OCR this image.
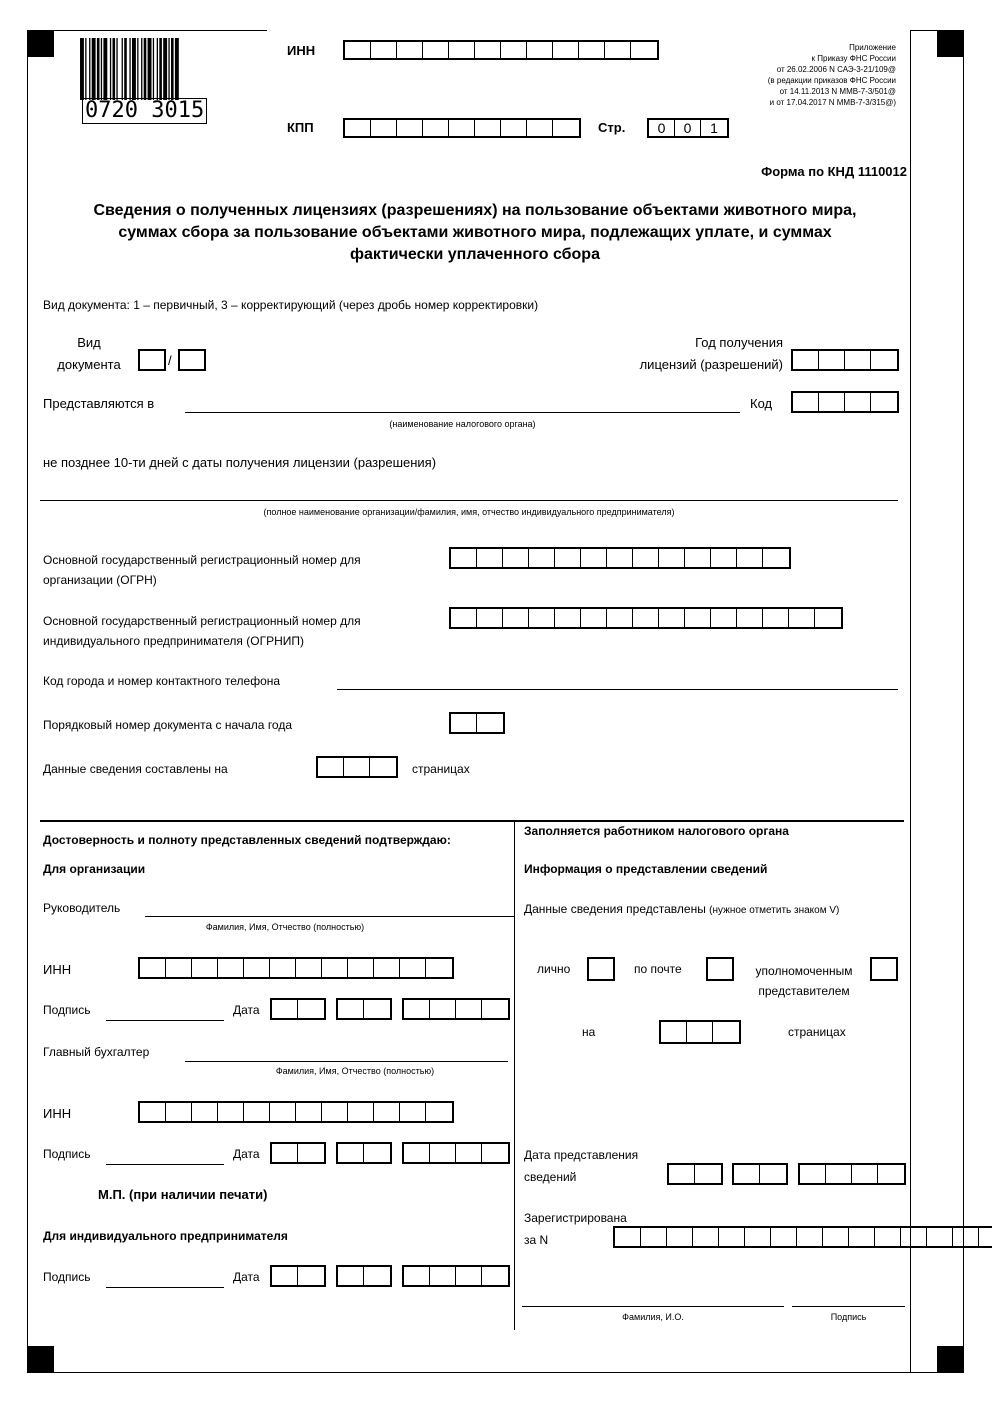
0720 3015
ИНН
КПП	Стр.	0	0	1
Приложение
к Приказу ФНС России
от 26.02.2006 N САЭ-3-21/109@
(в редакции приказов ФНС России
от 14.11.2013 N ММВ-7-3/501@
и от 17.04.2017 N ММВ-7-3/315@)
Форма по КНД 1110012
Сведения о полученных лицензиях (разрешениях) на пользование объектами животного мира,
суммах сбора за пользование объектами животного мира, подлежащих уплате, и суммах
фактически уплаченного сбора
Вид документа: 1 – первичный, 3 – корректирующий (через дробь номер корректировки)
Вид
документа	/
Год получения
лицензий (разрешений)
Представляются в
(наименование налогового органа)
Код
не позднее 10-ти дней с даты получения лицензии (разрешения)
(полное наименование организации/фамилия, имя, отчество индивидуального предпринимателя)
Основной государственный регистрационный номер для
организации (ОГРН)
Основной государственный регистрационный номер для
индивидуального предпринимателя (ОГРНИП)
Код города и номер контактного телефона
Порядковый номер документа с начала года
Данные сведения составлены на	страницах
Достоверность и полноту представленных сведений подтверждаю:
Для организации
Руководитель
Фамилия, Имя, Отчество (полностью)
ИНН
Подпись	Дата
Главный бухгалтер
Фамилия, Имя, Отчество (полностью)
ИНН
Подпись	Дата
М.П. (при наличии печати)
Для индивидуального предпринимателя
Подпись	Дата
Заполняется работником налогового органа
Информация о представлении сведений
Данные сведения представлены (нужное отметить знаком V)
лично	по почте	уполномоченным
представителем
на	страницах
Дата представления
сведений
Зарегистрирована
за N
Фамилия, И.О.	Подпись
